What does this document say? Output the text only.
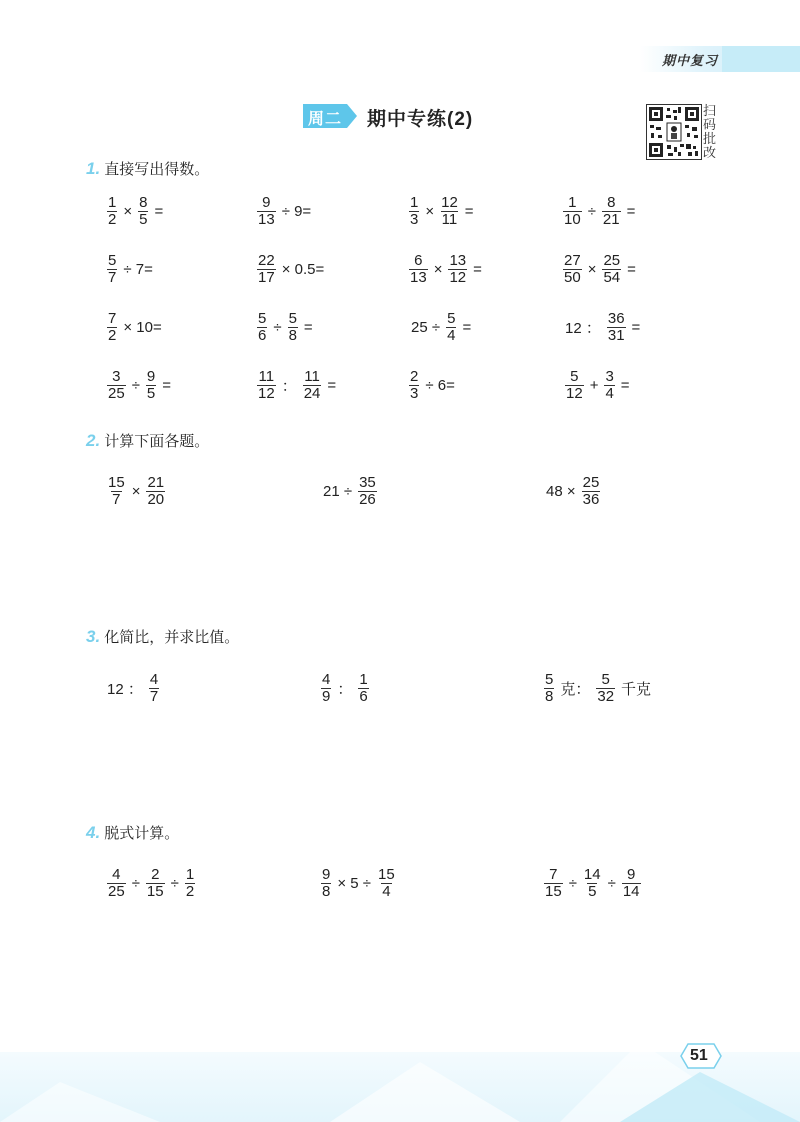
期中复习
周二 期中专练(2)	扫
码
批
改
1. 直接写出得数。
2. 计算下面各题。
3. 化简比，并求比值。
4. 脱式计算。
$\frac{1}{2} \times \frac{8}{5}$ =	$\frac{9}{13} \div 9=$	$\frac{1}{3} \times \frac{12}{11}$ =	$\frac{1}{10} \div \frac{8}{21}$ =
$\frac{5}{7} \div 7=$	$\frac{22}{17} \times 0.5=$	$\frac{6}{13} \times \frac{13}{12}$ =	$\frac{27}{50} \times \frac{25}{54}$ =
$\frac{7}{2} \times 10=$	$\frac{5}{6} \div \frac{5}{8}$ =	$25 \div \frac{5}{4}$ =	12 ： $\frac{36}{31}$ =
$\frac{3}{25} \div \frac{9}{5}$ =	$\frac{11}{12}$ ： $\frac{11}{24}$ =	$\frac{2}{3} \div 6=$	$\frac{5}{12} + \frac{3}{4}$ =
$\frac{15}{7} \times \frac{21}{20}$	$21 \div \frac{35}{26}$	$48 \times \frac{25}{36}$
12 ： $\frac{4}{7}$	$\frac{4}{9}$ ： $\frac{1}{6}$	$\frac{5}{8}$ 克： $\frac{5}{32}$ 千克
$\frac{4}{25} \div \frac{2}{15} \div \frac{1}{2}$	$\frac{9}{8} \times 5 \div \frac{15}{4}$	$\frac{7}{15} \div \frac{14}{5} \div \frac{9}{14}$
51
